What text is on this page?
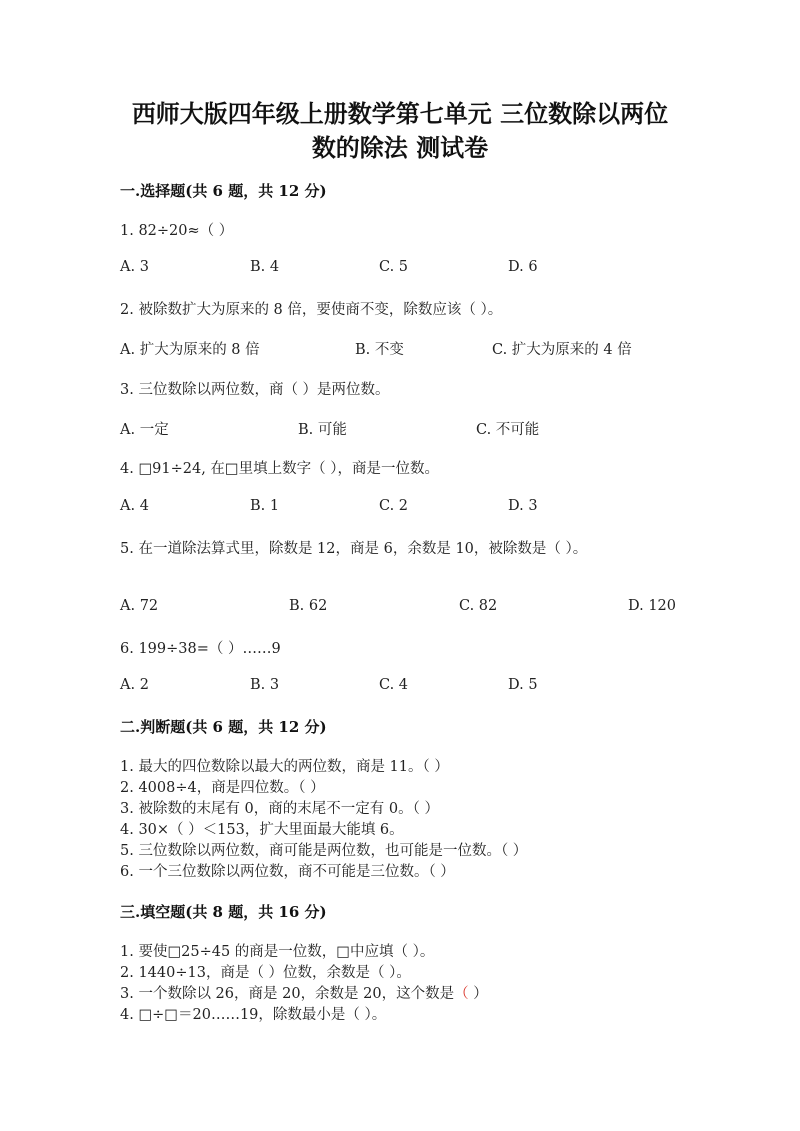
西师大版四年级上册数学第七单元 三位数除以两位
数的除法 测试卷
一.选择题(共 6 题，共 12 分)
1. 82÷20≈（ ）
A. 3	B. 4	C. 5	D. 6
2. 被除数扩大为原来的 8 倍，要使商不变，除数应该（ ）。
A. 扩大为原来的 8 倍	B. 不变	C. 扩大为原来的 4 倍
3. 三位数除以两位数，商（ ）是两位数。
A. 一定	B. 可能	C. 不可能
4. □91÷24, 在□里填上数字（ ），商是一位数。
A. 4	B. 1	C. 2	D. 3
5. 在一道除法算式里，除数是 12，商是 6，余数是 10，被除数是（ ）。
A. 72	B. 62	C. 82	D. 120
6. 199÷38=（ ）……9
A. 2	B. 3	C. 4	D. 5
二.判断题(共 6 题，共 12 分)
1. 最大的四位数除以最大的两位数，商是 11。（ ）
2. 4008÷4，商是四位数。（ ）
3. 被除数的末尾有 0，商的末尾不一定有 0。（ ）
4. 30×（ ）＜153，扩大里面最大能填 6。
5. 三位数除以两位数，商可能是两位数，也可能是一位数。（ ）
6. 一个三位数除以两位数，商不可能是三位数。（ ）
三.填空题(共 8 题，共 16 分)
1. 要使□25÷45 的商是一位数，□中应填（ ）。
2. 1440÷13，商是（ ）位数，余数是（ ）。
3. 一个数除以 26，商是 20，余数是 20，这个数是（ ）
4. □÷□＝20……19，除数最小是（ ）。
